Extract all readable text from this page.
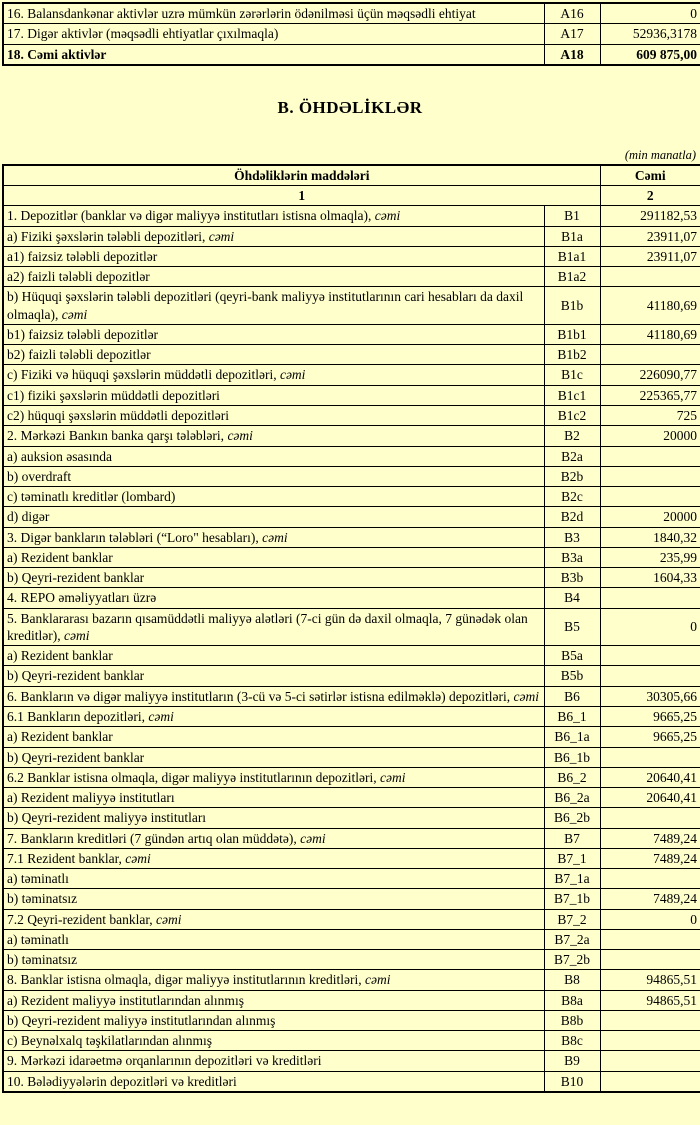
16. Balansdankənar aktivlər uzrə mümkün zərərlərin ödənilməsi üçün məqsədli ehtiyat	A16	0
17. Digər aktivlər (məqsədli ehtiyatlar çıxılmaqla)	A17	52936,3178
18. Cəmi aktivlər	A18	609 875,00
B. ÖHDƏLİKLƏR
(min manatla)
Öhdəliklərin maddələri		Cəmi
1		2
1. Depozitlər (banklar və digər maliyyə institutları istisna olmaqla), cəmi	B1	291182,53
a) Fiziki şəxslərin tələbli depozitləri, cəmi	B1a	23911,07
a1) faizsiz tələbli depozitlər	B1a1	23911,07
a2) faizli tələbli depozitlər	B1a2	
b) Hüquqi şəxslərin tələbli depozitləri (qeyri-bank maliyyə institutlarının cari hesabları da daxil olmaqla), cəmi	B1b	41180,69
b1) faizsiz tələbli depozitlər	B1b1	41180,69
b2) faizli tələbli depozitlər	B1b2	
c) Fiziki və hüquqi şəxslərin müddətli depozitləri, cəmi	B1c	226090,77
c1) fiziki şəxslərin müddətli depozitləri	B1c1	225365,77
c2) hüquqi şəxslərin müddətli depozitləri	B1c2	725
2. Mərkəzi Bankın banka qarşı tələbləri, cəmi	B2	20000
a) auksion əsasında	B2a	
b) overdraft	B2b	
c) təminatlı kreditlər (lombard)	B2c	
d) digər	B2d	20000
3. Digər bankların tələbləri (“Loro" hesabları), cəmi	B3	1840,32
a) Rezident banklar	B3a	235,99
b) Qeyri-rezident banklar	B3b	1604,33
4. REPO əməliyyatları üzrə	B4	
5. Banklararası bazarın qısamüddətli maliyyə alətləri (7-ci gün də daxil olmaqla, 7 günədək olan kreditlər), cəmi	B5	0
a) Rezident banklar	B5a	
b) Qeyri-rezident banklar	B5b	
6. Bankların və digər maliyyə institutların (3-cü və 5-ci sətirlər istisna edilməklə) depozitləri, cəmi	B6	30305,66
6.1 Bankların depozitləri, cəmi	B6_1	9665,25
a) Rezident banklar	B6_1a	9665,25
b) Qeyri-rezident banklar	B6_1b	
6.2 Banklar istisna olmaqla, digər maliyyə institutlarının depozitləri, cəmi	B6_2	20640,41
a) Rezident maliyyə institutları	B6_2a	20640,41
b) Qeyri-rezident maliyyə institutları	B6_2b	
7. Bankların kreditləri (7 gündən artıq olan müddətə), cəmi	B7	7489,24
7.1 Rezident banklar, cəmi	B7_1	7489,24
a) təminatlı	B7_1a	
b) təminatsız	B7_1b	7489,24
7.2 Qeyri-rezident banklar, cəmi	B7_2	0
a) təminatlı	B7_2a	
b) təminatsız	B7_2b	
8. Banklar istisna olmaqla, digər maliyyə institutlarının kreditləri, cəmi	B8	94865,51
a) Rezident maliyyə institutlarından alınmış	B8a	94865,51
b) Qeyri-rezident maliyyə institutlarından alınmış	B8b	
c) Beynəlxalq təşkilatlarından alınmış	B8c	
9. Mərkəzi idarəetmə orqanlarının depozitləri və kreditləri	B9	
10. Bələdiyyələrin depozitləri və kreditləri	B10	
